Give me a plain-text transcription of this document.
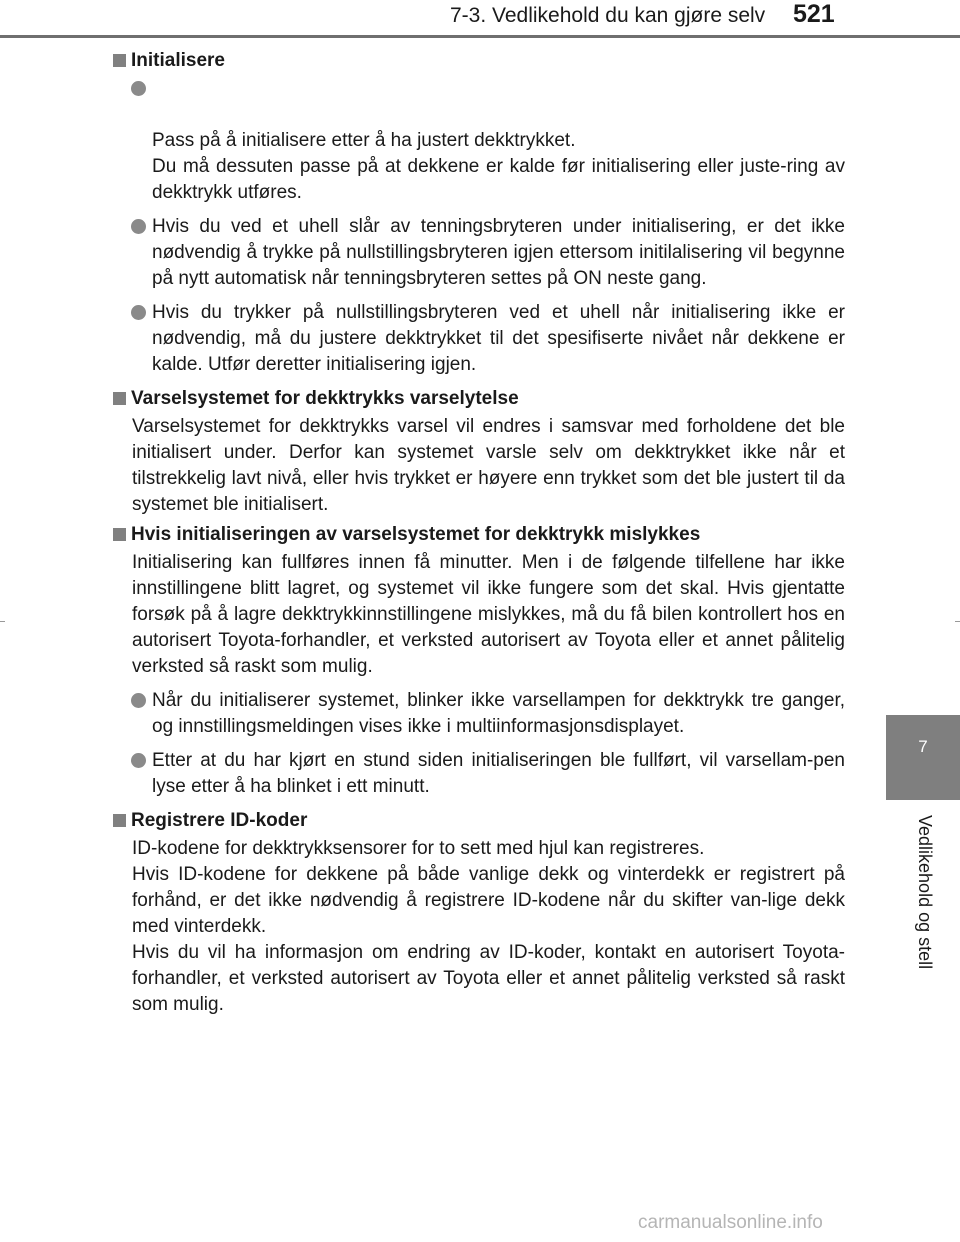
7-3. Vedlikehold du kan gjøre selv 521
7
Vedlikehold og stell
Initialisere

Pass på å initialisere etter å ha justert dekktrykket.
Du må dessuten passe på at dekkene er kalde før initialisering eller juste-ring av dekktrykk utføres.

Hvis du ved et uhell slår av tenningsbryteren under initialisering, er det ikke nødvendig å trykke på nullstillingsbryteren igjen ettersom initilalisering vil begynne på nytt automatisk når tenningsbryteren settes på ON neste gang.
Hvis du trykker på nullstillingsbryteren ved et uhell når initialisering ikke er nødvendig, må du justere dekktrykket til det spesifiserte nivået når dekkene er kalde. Utfør deretter initialisering igjen.
Varselsystemet for dekktrykks varselytelse
Varselsystemet for dekktrykks varsel vil endres i samsvar med forholdene det ble initialisert under. Derfor kan systemet varsle selv om dekktrykket ikke når et tilstrekkelig lavt nivå, eller hvis trykket er høyere enn trykket som det ble justert til da systemet ble initialisert.
Hvis initialiseringen av varselsystemet for dekktrykk mislykkes
Initialisering kan fullføres innen få minutter. Men i de følgende tilfellene har ikke innstillingene blitt lagret, og systemet vil ikke fungere som det skal. Hvis gjentatte forsøk på å lagre dekktrykkinnstillingene mislykkes, må du få bilen kontrollert hos en autorisert Toyota-forhandler, et verksted autorisert av Toyota eller et annet pålitelig verksted så raskt som mulig.
Når du initialiserer systemet, blinker ikke varsellampen for dekktrykk tre ganger, og innstillingsmeldingen vises ikke i multiinformasjonsdisplayet.
Etter at du har kjørt en stund siden initialiseringen ble fullført, vil varsellam-pen lyse etter å ha blinket i ett minutt.
Registrere ID-koder
ID-kodene for dekktrykksensorer for to sett med hjul kan registreres.
Hvis ID-kodene for dekkene på både vanlige dekk og vinterdekk er registrert på forhånd, er det ikke nødvendig å registrere ID-kodene når du skifter van-lige dekk med vinterdekk.
Hvis du vil ha informasjon om endring av ID-koder, kontakt en autorisert Toyota-forhandler, et verksted autorisert av Toyota eller et annet pålitelig verksted så raskt som mulig.
carmanualsonline.info
